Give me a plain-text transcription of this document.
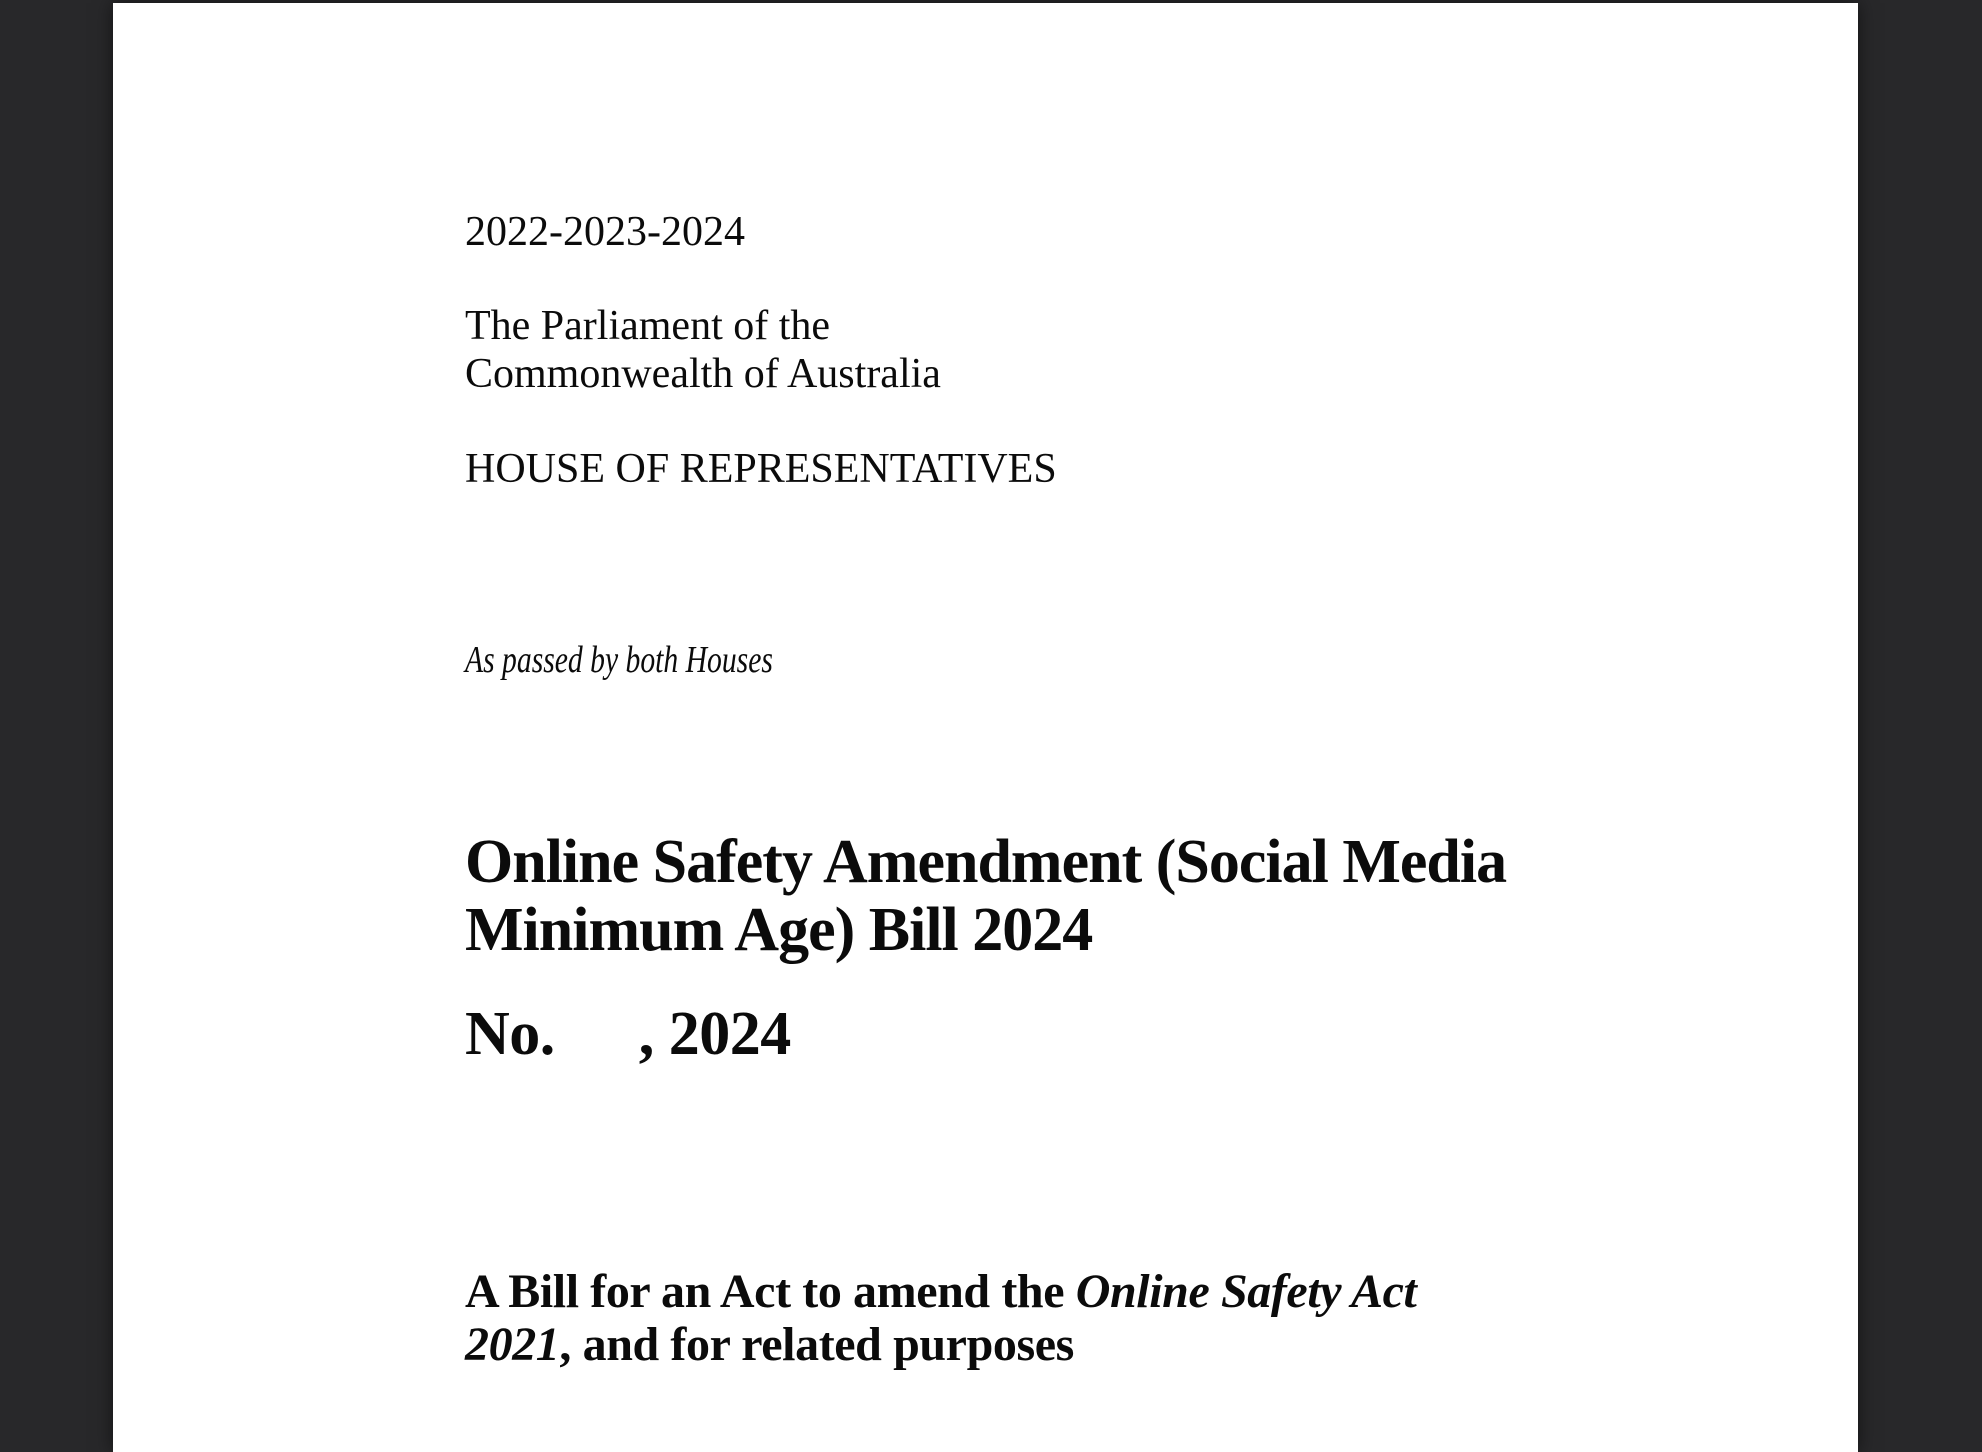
2022-2023-2024
The Parliament of the
Commonwealth of Australia
HOUSE OF REPRESENTATIVES
As passed by both Houses
Online Safety Amendment (Social Media
Minimum Age) Bill 2024
No. , 2024
A Bill for an Act to amend the Online Safety Act 2021, and for related purposes
